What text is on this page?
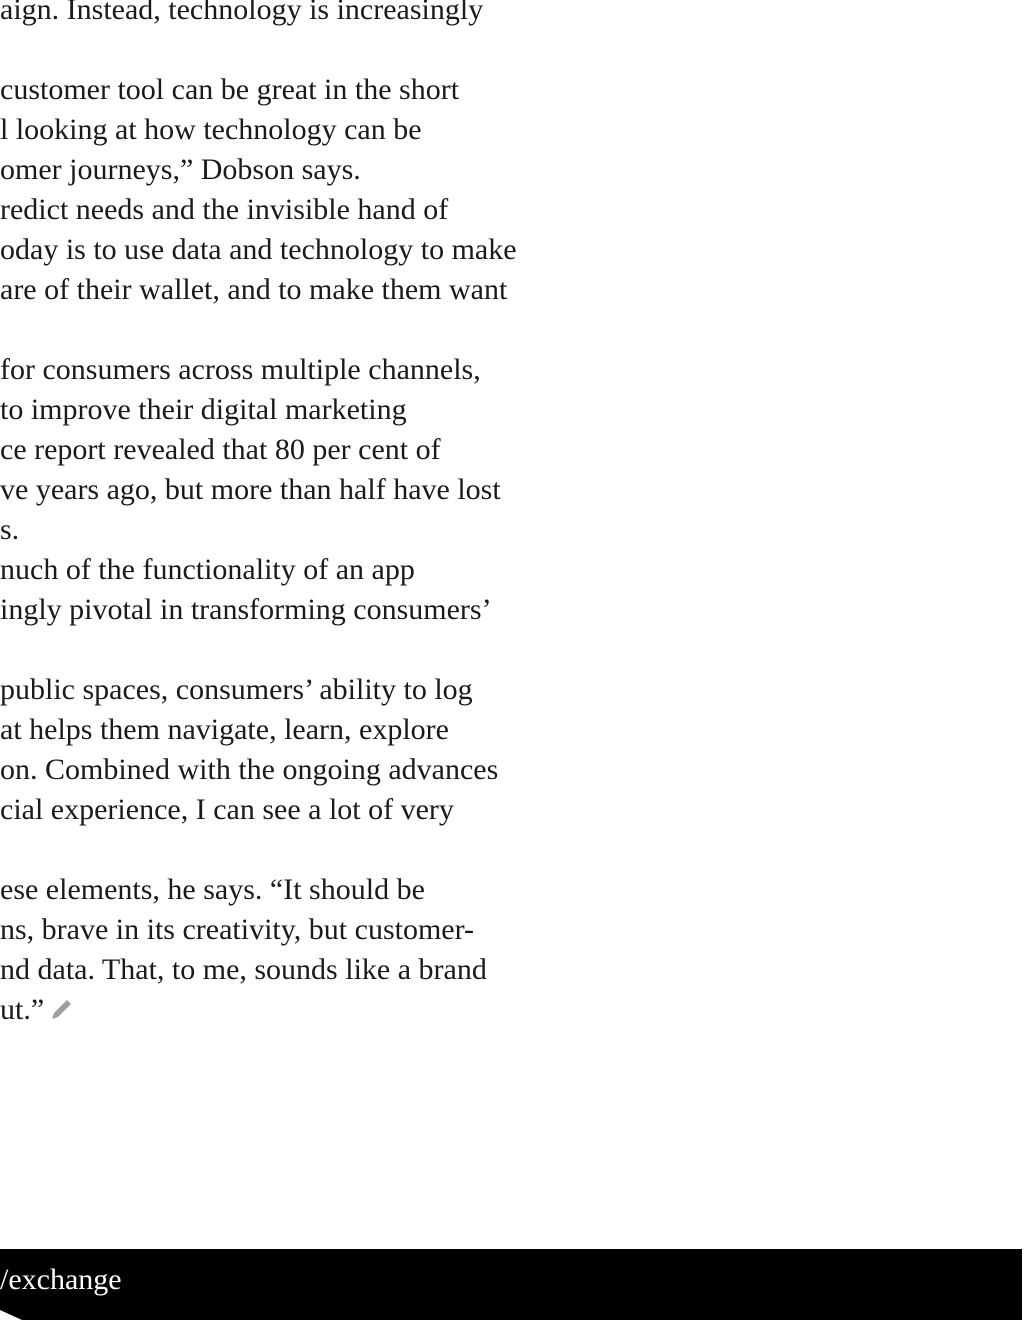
aign. Instead, technology is increasingly
customer tool can be great in the short
l looking at how technology can be
omer journeys,” Dobson says.
redict needs and the invisible hand of
oday is to use data and technology to make
are of their wallet, and to make them want
for consumers across multiple channels,
to improve their digital marketing
ce report revealed that 80 per cent of
ve years ago, but more than half have lost
s.
nuch of the functionality of an app
ingly pivotal in transforming consumers’
public spaces, consumers’ ability to log
at helps them navigate, learn, explore
on. Combined with the ongoing advances
cial experience, I can see a lot of very
ese elements, he says. “It should be
ns, brave in its creativity, but customer-
nd data. That, to me, sounds like a brand
ut.”
/exchange
